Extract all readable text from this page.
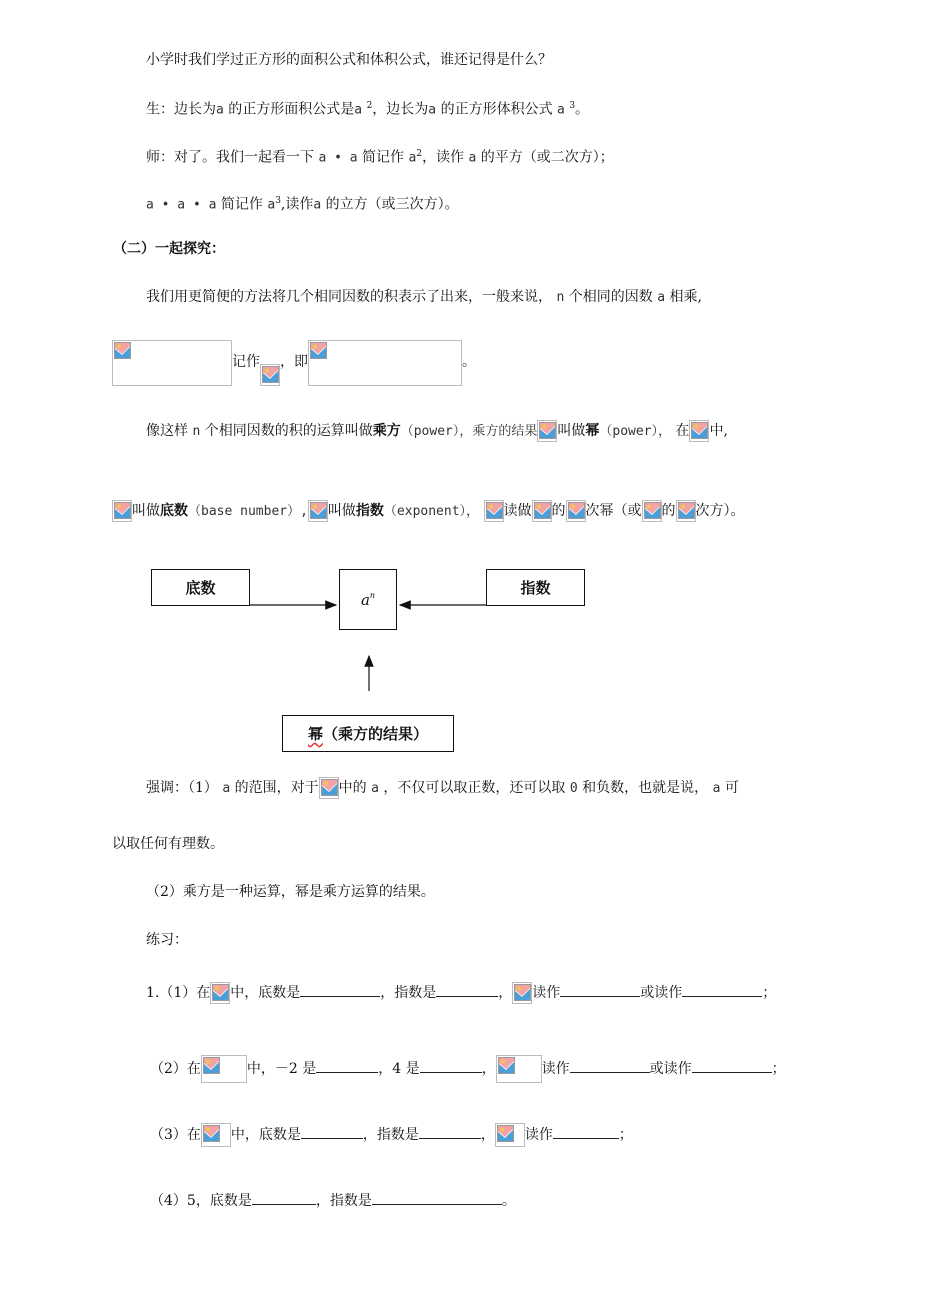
小学时我们学过正方形的面积公式和体积公式，谁还记得是什么？
生：边长为a 的正方形面积公式是a $^2$，边长为a 的正方形体积公式 a $^3$。
师：对了。我们一起看一下 a • a 简记作 $a^2$，读作 a 的平方（或二次方）；
a • a • a 简记作 $a^3$,读作a 的立方（或三次方）。
（二）一起探究：
我们用更简便的方法将几个相同因数的积表示了出来，一般来说， n 个相同的因数 a 相乘,
记作 ，即	。
像这样 n 个相同因数的积的运算叫做乘方（power），乘方的结果 叫做幂（power）， 在 中,
叫做底数（base number）, 叫做指数（exponent）， 读做 的 次幂（或 的 次方）。
底数	指数
$a^n$
幂 （乘方的结果）
强调：（1） a 的范围，对于 中的 a ，不仅可以取正数，还可以取 0 和负数，也就是说， a 可
以取任何有理数。
（2）乘方是一种运算，幂是乘方运算的结果。
练习：
1.（1）在 中，底数是	，指数是	， 读作	或读作	；
（2）在	中，－2 是	，4 是	，	读作	或读作	；
（3）在 中，底数是	，指数是	， 读作	；
（4）5，底数是	，指数是	。
